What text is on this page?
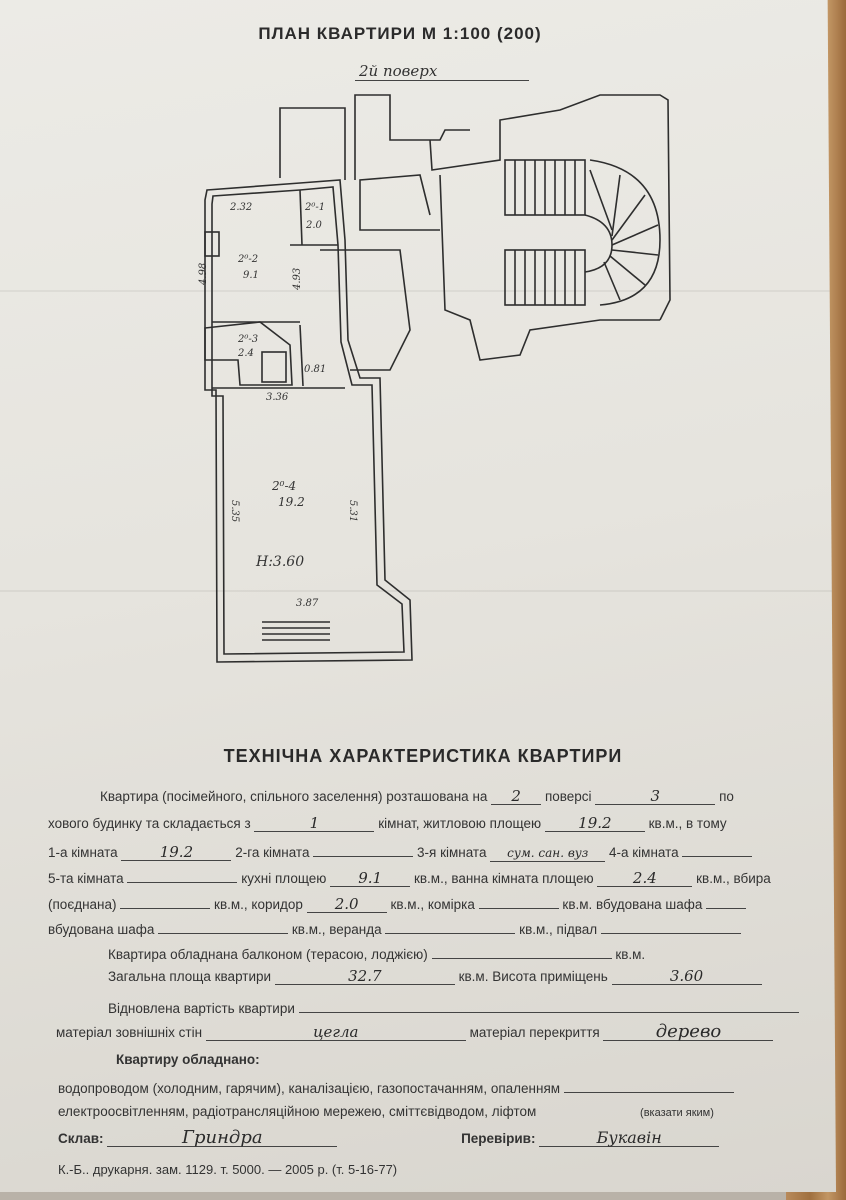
ПЛАН КВАРТИРИ М 1:100 (200)
2й поверх
2.32
4.93
4.98
0.81
3.36
5.35	5.31
3.87
2⁰-1
2.0
2⁰-2
9.1
2⁰-3
2.4
2⁰-4
19.2
H:3.60
ТЕХНІЧНА ХАРАКТЕРИСТИКА КВАРТИРИ
Квартира (посімейного, спільного заселення) розташована на 2 поверсі	3	по
хового будинку та складається з	1	кімнат, житловою площею 19.2	кв.м., в тому
1-а кімната	19.2	2-га кімната	3-я кімната сум. сан. вуз 4-а кімната
5-та кімната	кухні площею 9.1 кв.м., ванна кімната площею	2.4	кв.м., вбира
(поєднана)	кв.м., коридор 2.0 кв.м., комірка	кв.м. вбудована шафа
вбудована шафа	кв.м., веранда	кв.м., підвал
Квартира обладнана балконом (терасою, лоджією)	кв.м.
Загальна площа квартири	32.7	кв.м. Висота приміщень	3.60
Відновлена вартість квартири
матеріал зовнішніх стін	цегла	матеріал перекриття	дерево
Квартиру обладнано:
водопроводом (холодним, гарячим), каналізацією, газопостачанням, опаленням
електроосвітленням, радіотрансляційною мережею, сміттєвідводом, ліфтом	(вказати яким)
Склав:	Гриндра	Перевірив:	Букавін
К.-Б.. друкарня. зам. 1129. т. 5000. — 2005 р. (т. 5-16-77)
